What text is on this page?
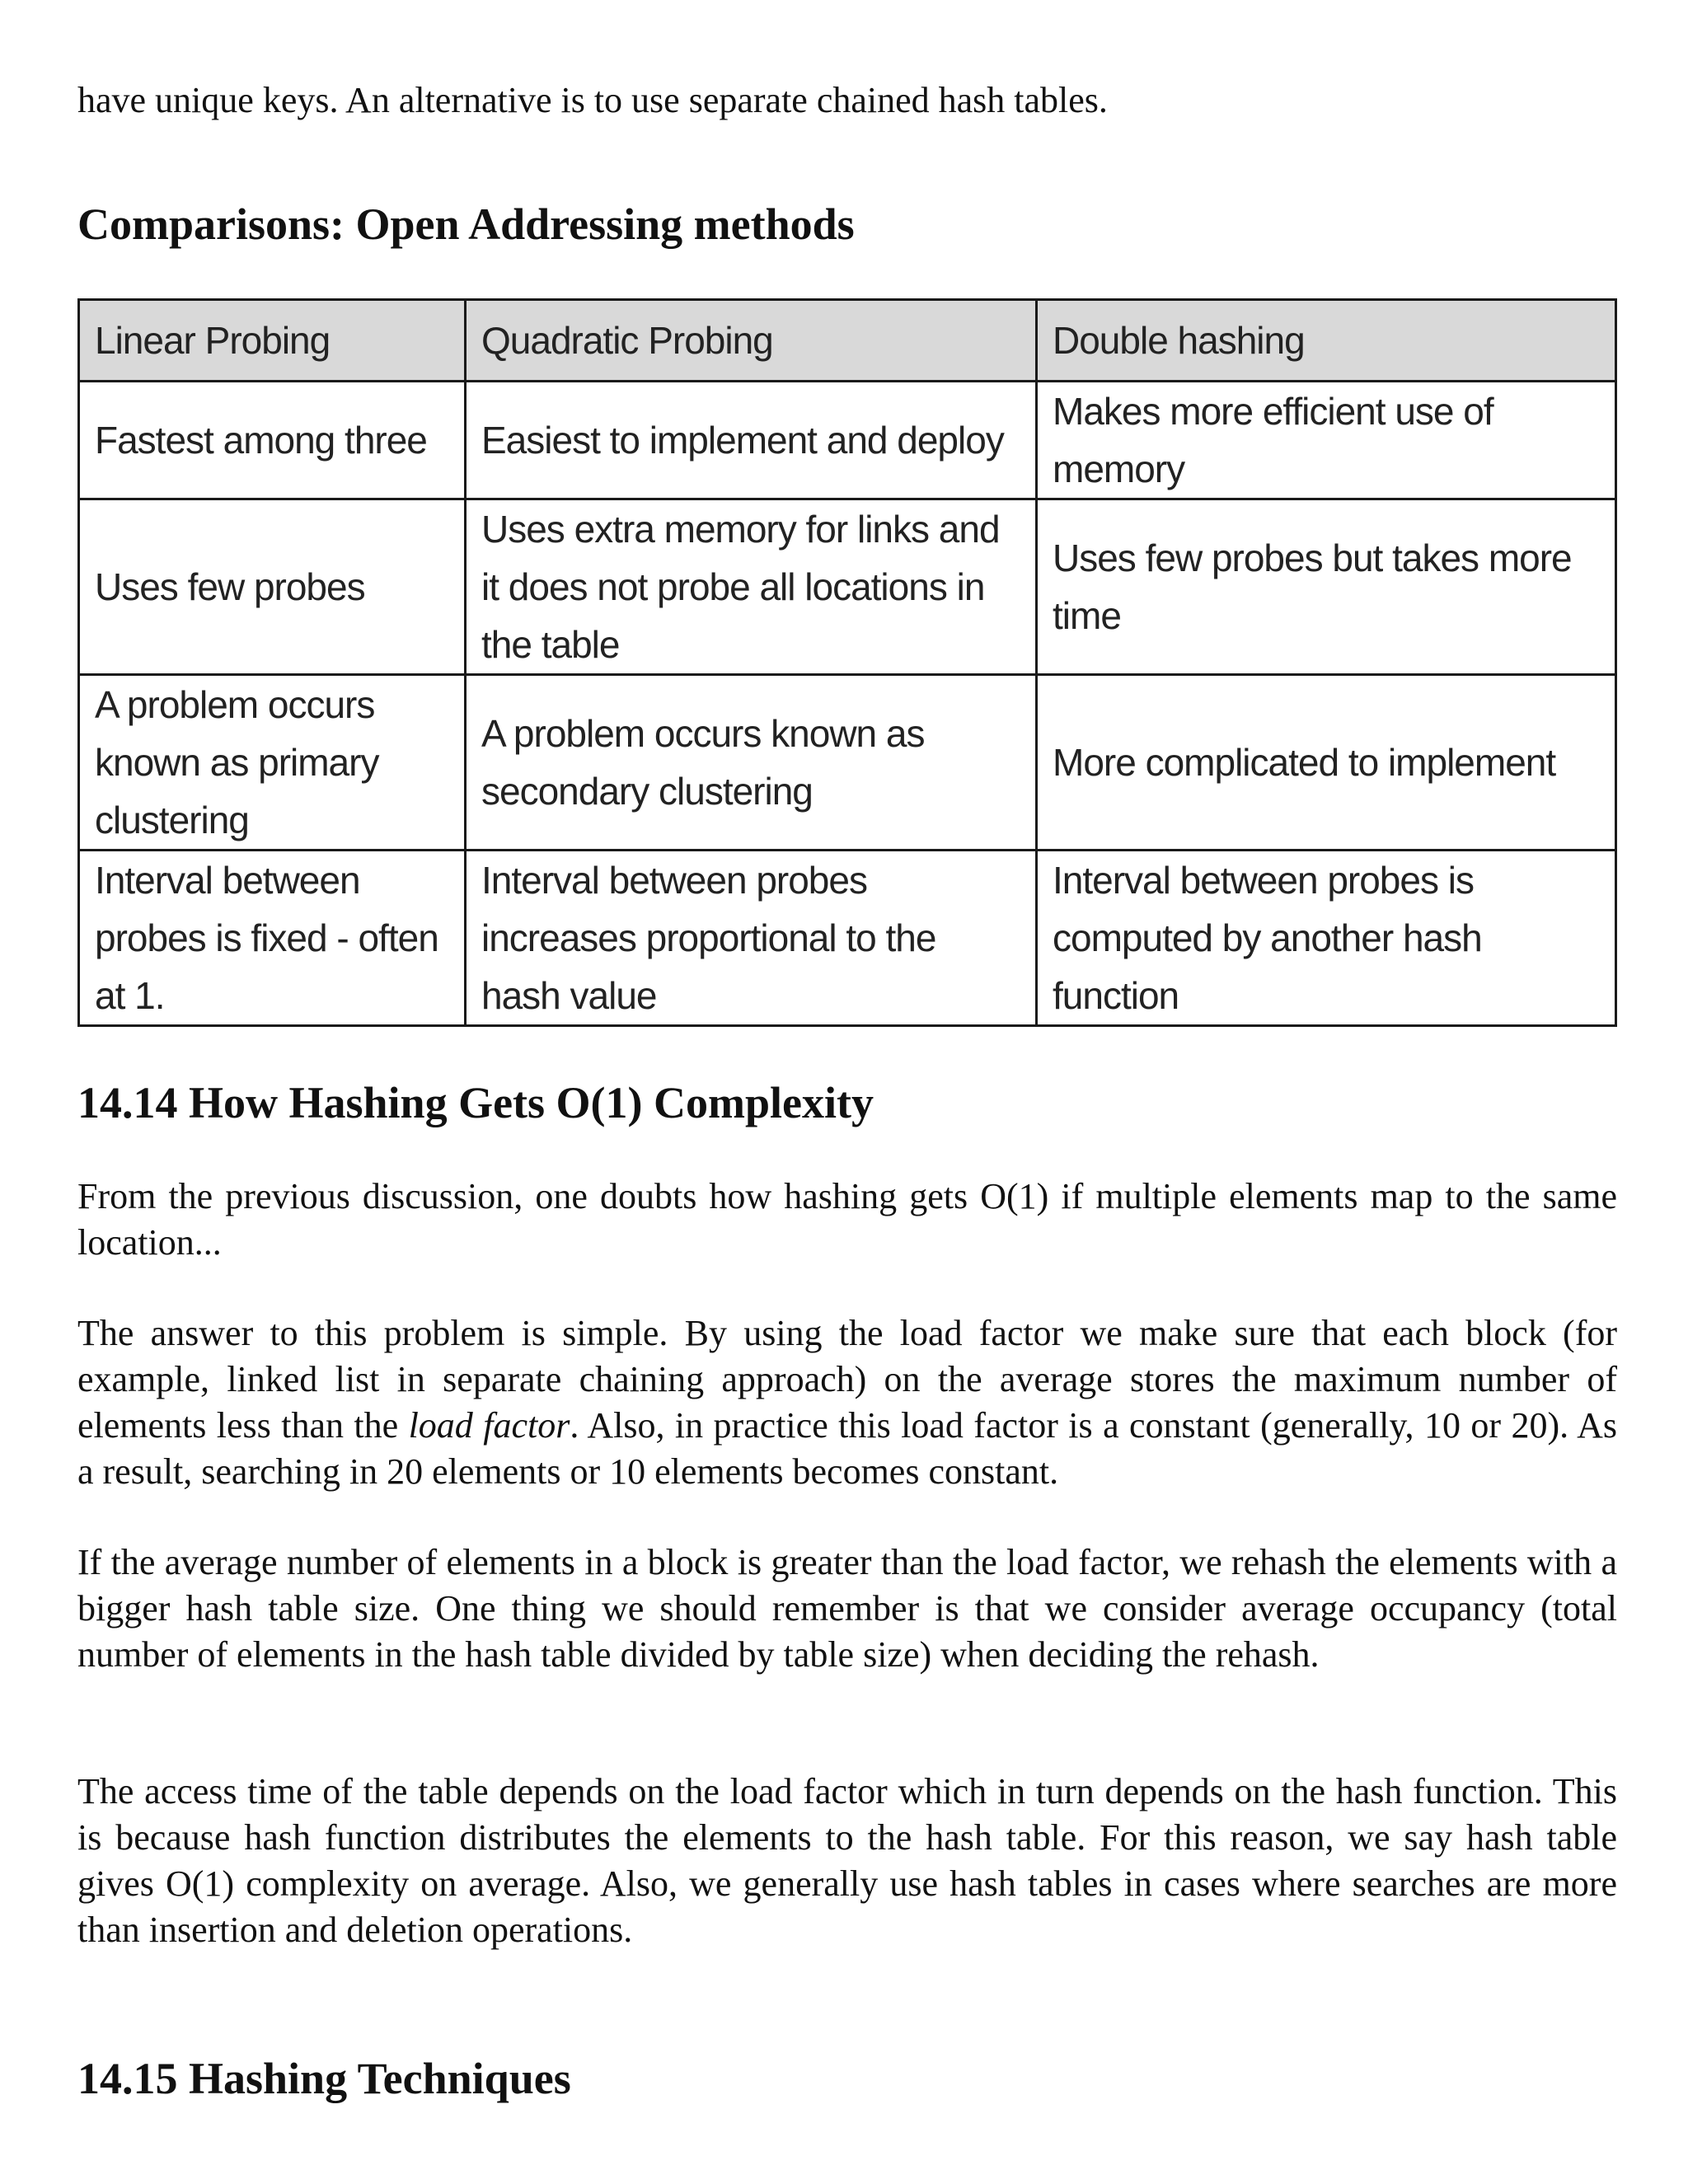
have unique keys. An alternative is to use separate chained hash tables.

Comparisons: Open Addressing methods
Linear Probing	Quadratic Probing	Double hashing
Fastest among three	Easiest to implement and deploy	Makes more efficient use of memory
Uses few probes	Uses extra memory for links and it does not probe all locations in the table	Uses few probes but takes more time
A problem occurs known as primary clustering	A problem occurs known as secondary clustering	More complicated to implement
Interval between probes is fixed - often at 1.	Interval between probes increases proportional to the hash value	Interval between probes is computed by another hash function
14.14 How Hashing Gets O(1) Complexity

From the previous discussion, one doubts how hashing gets O(1) if multiple elements map to the same location...

The answer to this problem is simple. By using the load factor we make sure that each block (for example, linked list in separate chaining approach) on the average stores the maximum number of elements less than the load factor. Also, in practice this load factor is a constant (generally, 10 or 20). As a result, searching in 20 elements or 10 elements becomes constant.

If the average number of elements in a block is greater than the load factor, we rehash the elements with a bigger hash table size. One thing we should remember is that we consider average occupancy (total number of elements in the hash table divided by table size) when deciding the rehash.

The access time of the table depends on the load factor which in turn depends on the hash function. This is because hash function distributes the elements to the hash table. For this reason, we say hash table gives O(1) complexity on average. Also, we generally use hash tables in cases where searches are more than insertion and deletion operations.

14.15 Hashing Techniques
